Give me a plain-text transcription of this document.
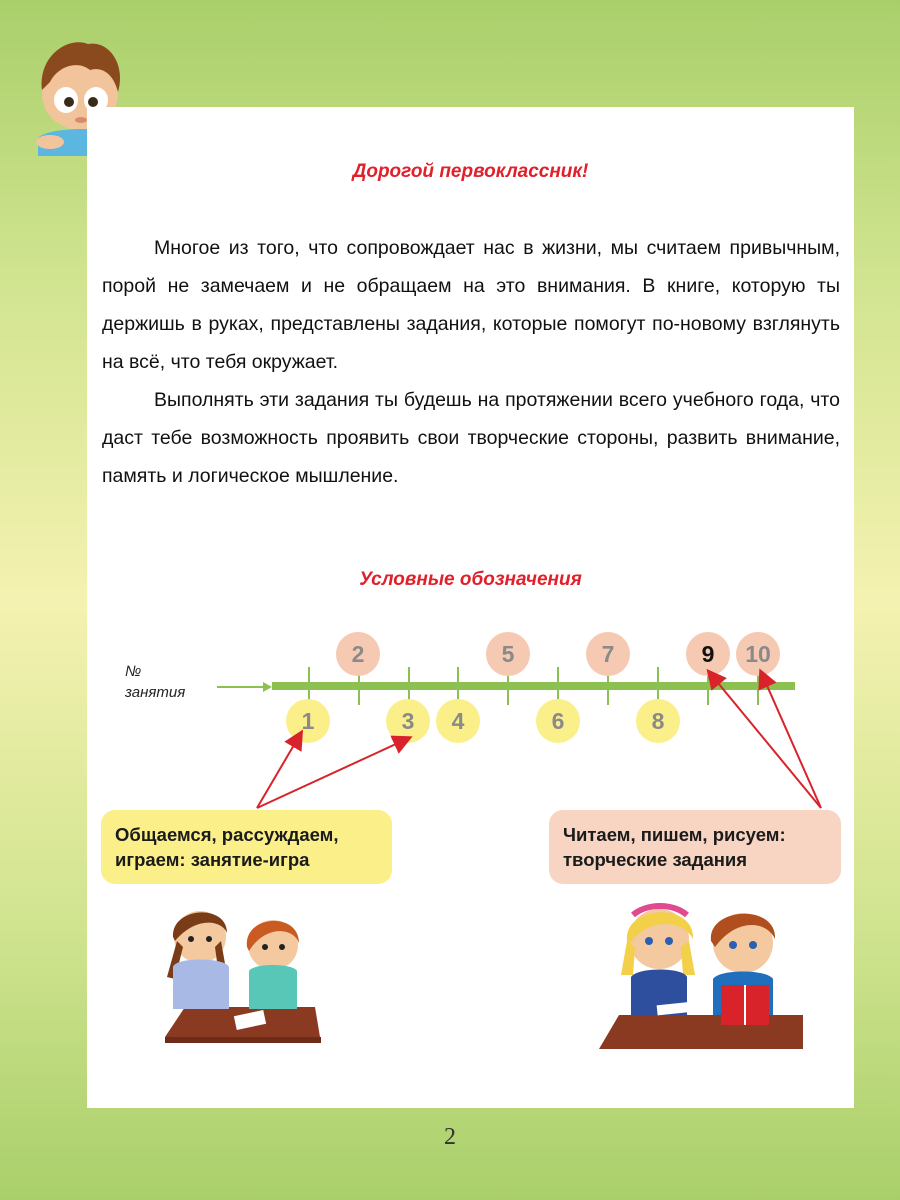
Дорогой первоклассник!

Многое из того, что сопровождает нас в жизни, мы считаем привычным, порой не замечаем и не обращаем на это внимания. В книге, которую ты держишь в руках, представлены задания, которые помогут по-новому взглянуть на всё, что тебя окружает.

Выполнять эти задания ты будешь на протяжении всего учебного года, что даст тебе возможность проявить свои творческие стороны, развить внимание, память и логическое мышление.

Условные обозначения
№
занятия
2	5	7	9	10
1	3	4	6	8
Общаемся, рассуждаем,
играем: занятие-игра
Читаем, пишем, рисуем:
творческие задания
2
